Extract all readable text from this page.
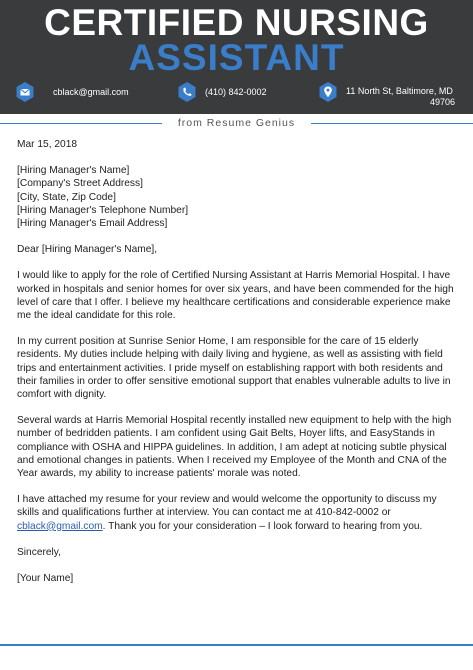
CERTIFIED NURSING
ASSISTANT
cblack@gmail.com	(410) 842-0002	11 North St, Baltimore, MD
49706
from Resume Genius

Mar 15, 2018

[Hiring Manager's Name]

[Company's Street Address]

[City, State, Zip Code]

[Hiring Manager's Telephone Number]

[Hiring Manager's Email Address]

Dear [Hiring Manager's Name],

I would like to apply for the role of Certified Nursing Assistant at Harris Memorial Hospital. I have worked in hospitals and senior homes for over six years, and have been commended for the high level of care that I offer. I believe my healthcare certifications and considerable experience make me the ideal candidate for this role.

In my current position at Sunrise Senior Home, I am responsible for the care of 15 elderly residents. My duties include helping with daily living and hygiene, as well as assisting with field trips and entertainment activities. I pride myself on establishing rapport with both residents and their families in order to offer sensitive emotional support that enables vulnerable adults to live in comfort with dignity.

Several wards at Harris Memorial Hospital recently installed new equipment to help with the high number of bedridden patients. I am confident using Gait Belts, Hoyer lifts, and EasyStands in compliance with OSHA and HIPPA guidelines. In addition, I am adept at noticing subtle physical and emotional changes in patients. When I received my Employee of the Month and CNA of the Year awards, my ability to increase patients' morale was noted.

I have attached my resume for your review and would welcome the opportunity to discuss my skills and qualifications further at interview. You can contact me at 410-842-0002 or cblack@gmail.com. Thank you for your consideration – I look forward to hearing from you.

Sincerely,

[Your Name]
